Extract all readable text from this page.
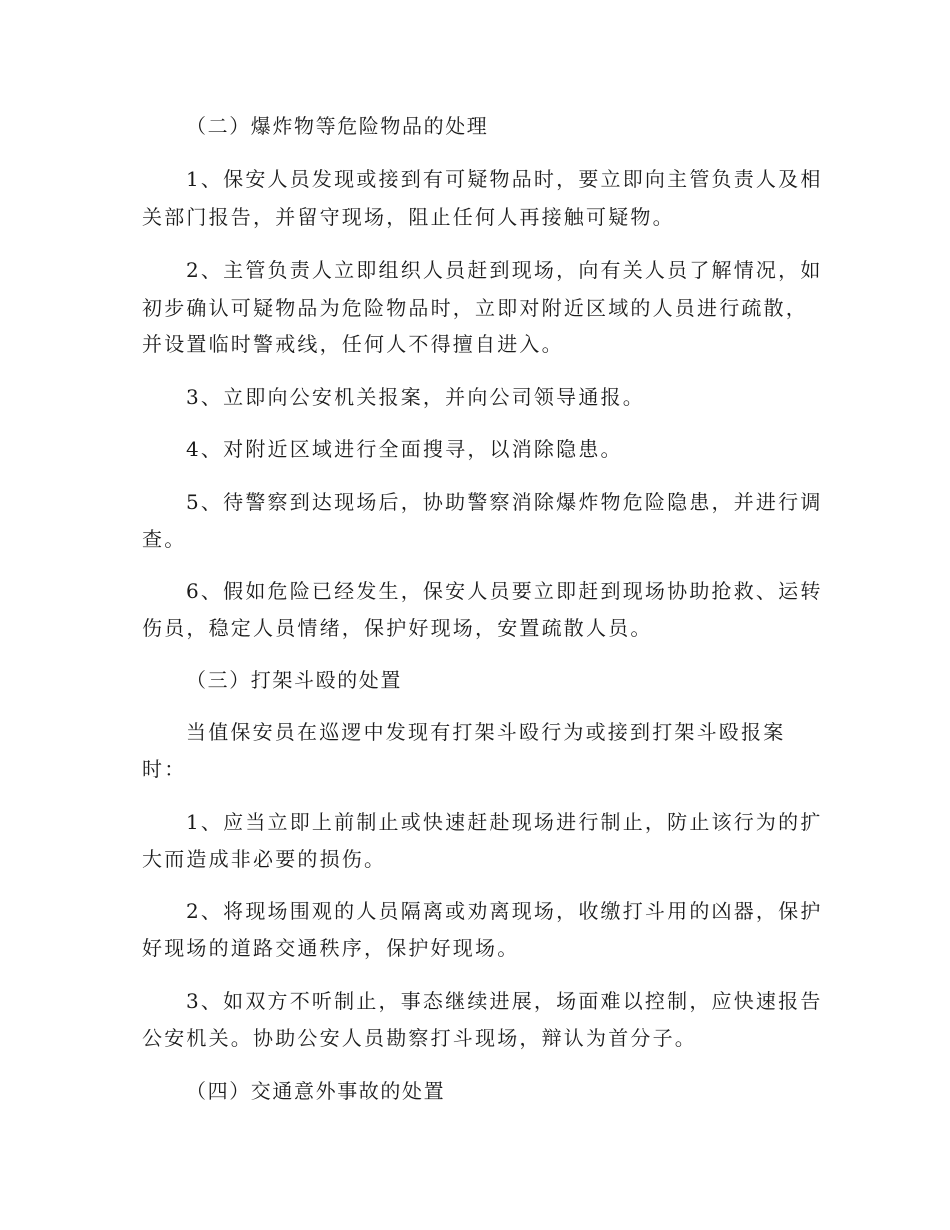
（二）爆炸物等危险物品的处理
1、保安人员发现或接到有可疑物品时，要立即向主管负责人及相
关部门报告，并留守现场，阻止任何人再接触可疑物。
2、主管负责人立即组织人员赶到现场，向有关人员了解情况，如
初步确认可疑物品为危险物品时，立即对附近区域的人员进行疏散，
并设置临时警戒线，任何人不得擅自进入。
3、立即向公安机关报案，并向公司领导通报。
4、对附近区域进行全面搜寻，以消除隐患。
5、待警察到达现场后，协助警察消除爆炸物危险隐患，并进行调
查。
6、假如危险已经发生，保安人员要立即赶到现场协助抢救、运转
伤员，稳定人员情绪，保护好现场，安置疏散人员。
（三）打架斗殴的处置
当值保安员在巡逻中发现有打架斗殴行为或接到打架斗殴报案
时：
1、应当立即上前制止或快速赶赴现场进行制止，防止该行为的扩
大而造成非必要的损伤。
2、将现场围观的人员隔离或劝离现场，收缴打斗用的凶器，保护
好现场的道路交通秩序，保护好现场。
3、如双方不听制止，事态继续进展，场面难以控制，应快速报告
公安机关。协助公安人员勘察打斗现场，辩认为首分子。
（四）交通意外事故的处置
